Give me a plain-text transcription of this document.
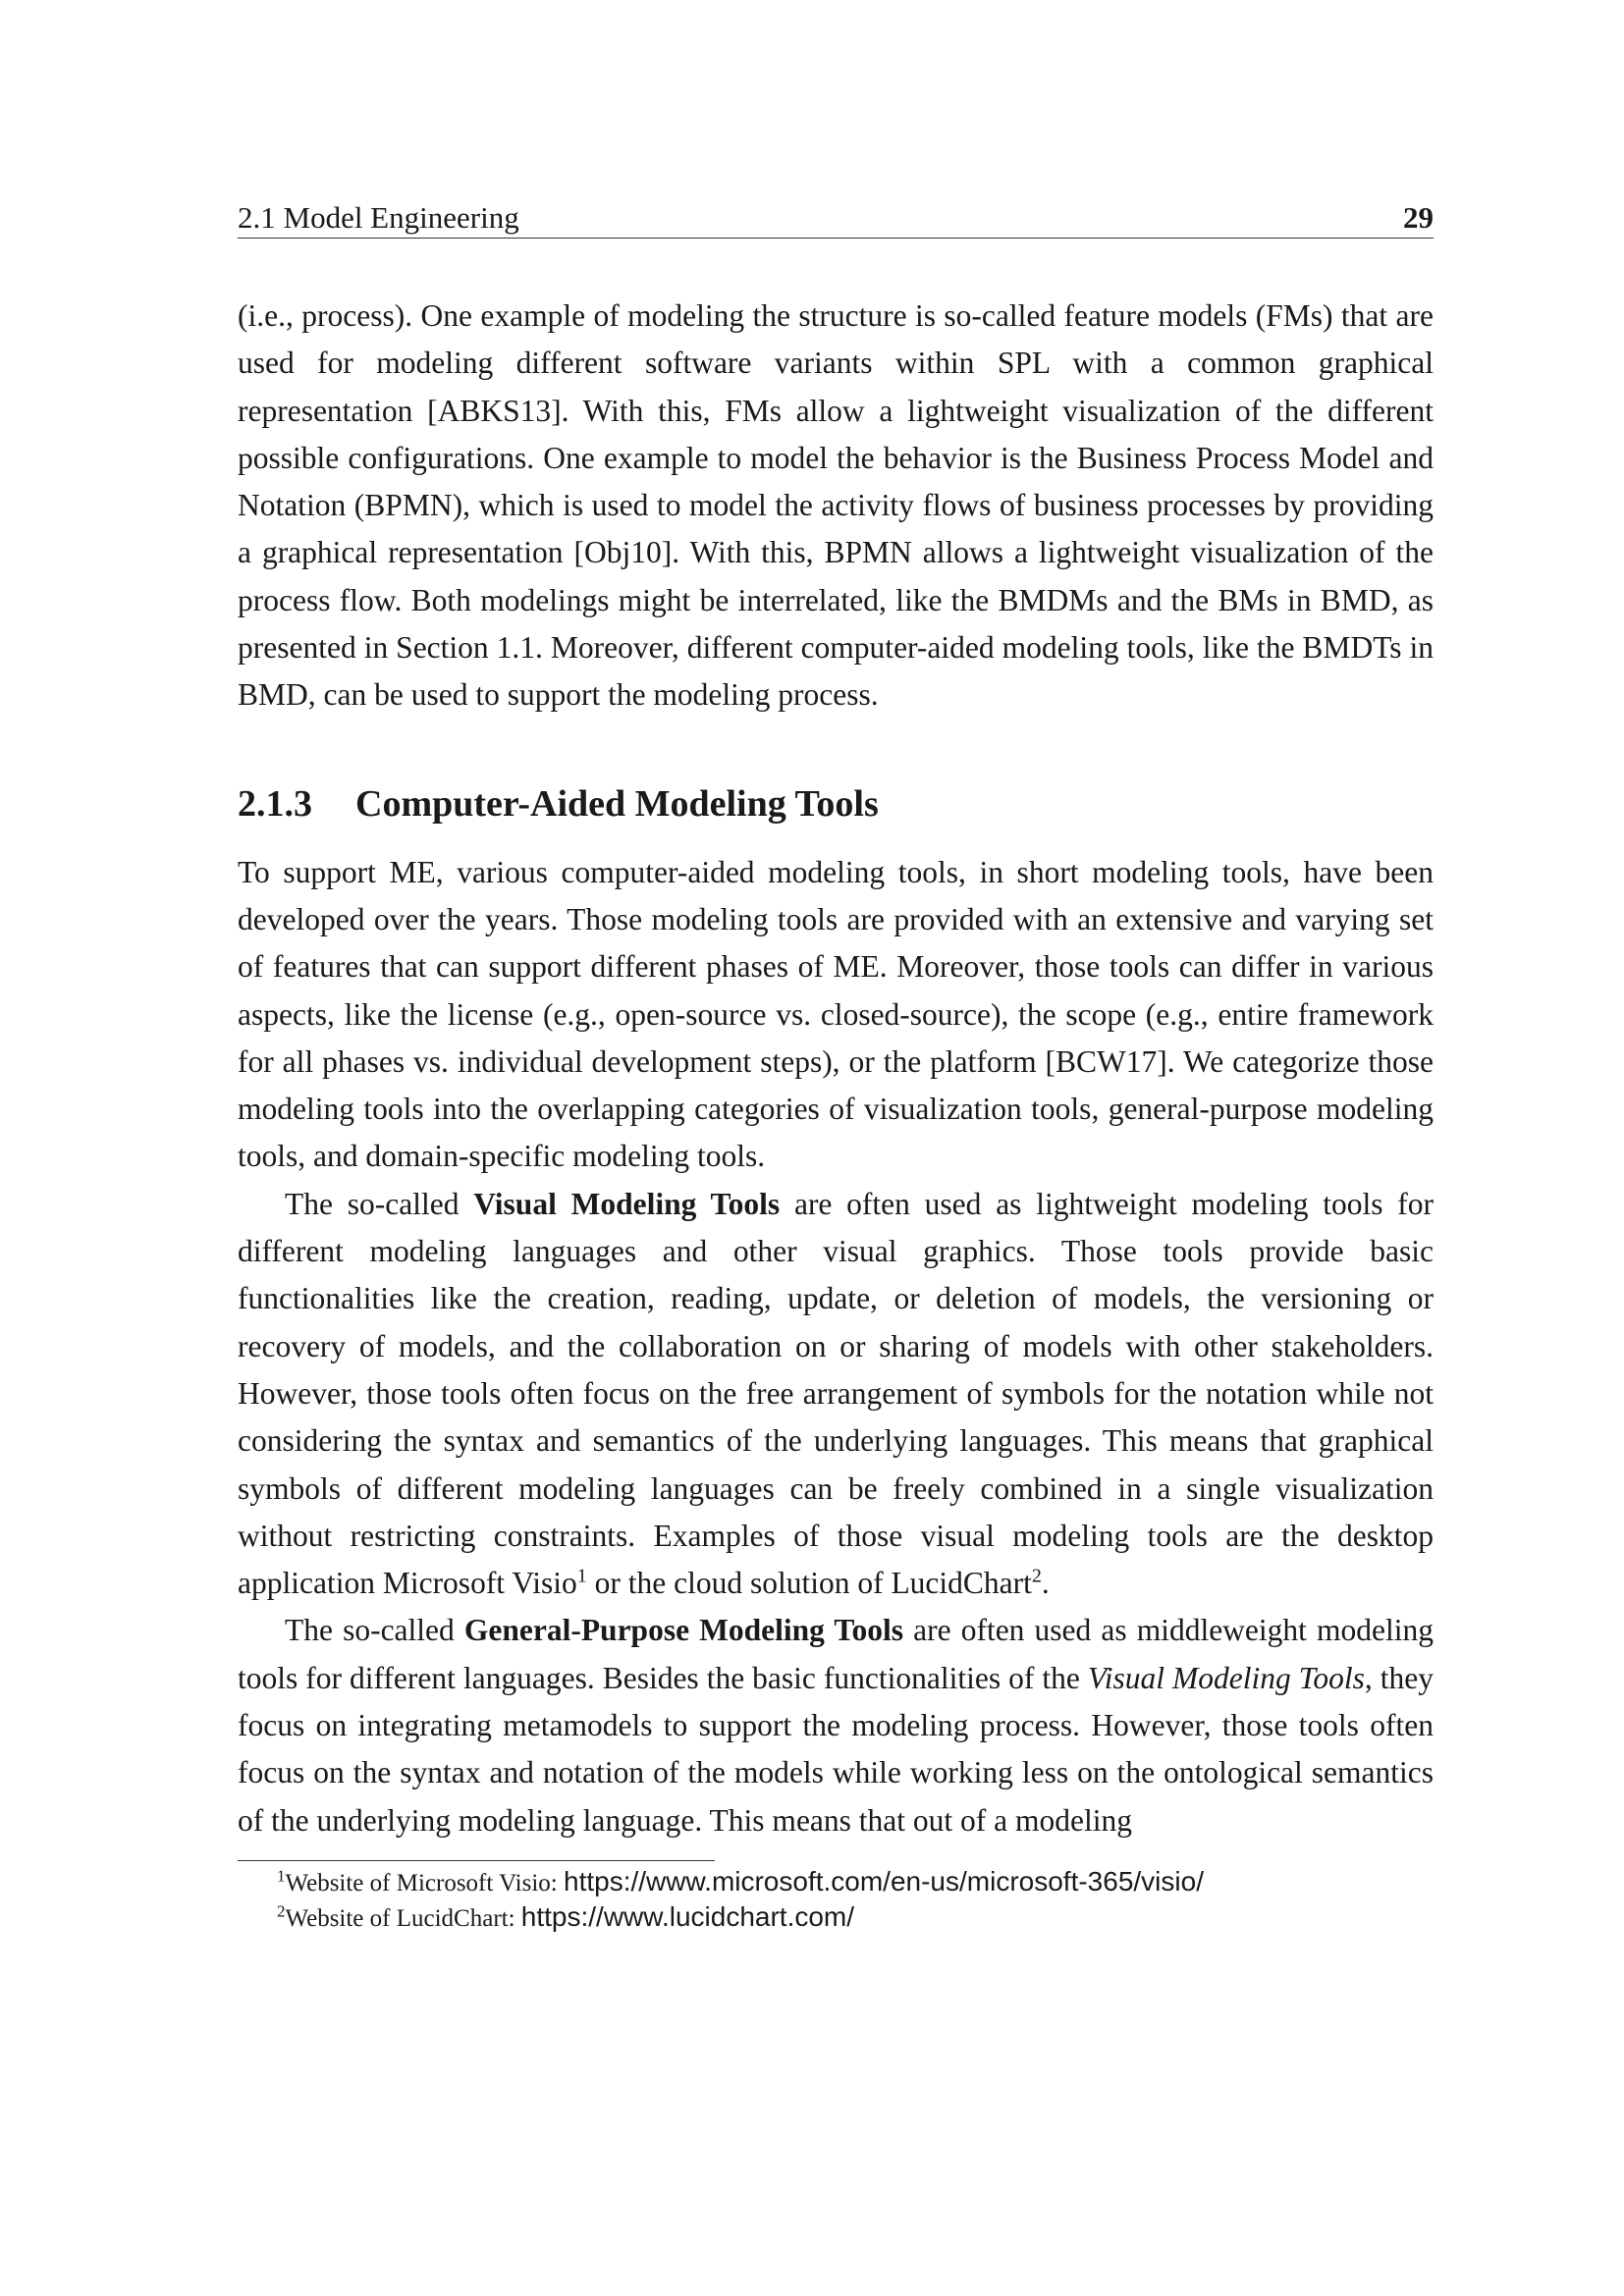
2.1 Model Engineering	29

(i.e., process). One example of modeling the structure is so-called feature models (FMs) that are used for modeling different software variants within SPL with a common graphical representation [ABKS13]. With this, FMs allow a lightweight visualization of the different possible configurations. One example to model the behavior is the Business Process Model and Notation (BPMN), which is used to model the activity flows of business processes by providing a graphical representation [Obj10]. With this, BPMN allows a lightweight visualization of the process flow. Both modelings might be interrelated, like the BMDMs and the BMs in BMD, as presented in Section 1.1. Moreover, different computer-aided modeling tools, like the BMDTs in BMD, can be used to support the modeling process.

2.1.3 Computer-Aided Modeling Tools

To support ME, various computer-aided modeling tools, in short modeling tools, have been developed over the years. Those modeling tools are provided with an extensive and varying set of features that can support different phases of ME. Moreover, those tools can differ in various aspects, like the license (e.g., open-source vs. closed-source), the scope (e.g., entire framework for all phases vs. individual development steps), or the platform [BCW17]. We categorize those modeling tools into the overlapping categories of visualization tools, general-purpose modeling tools, and domain-specific modeling tools.

The so-called Visual Modeling Tools are often used as lightweight modeling tools for different modeling languages and other visual graphics. Those tools provide basic functionalities like the creation, reading, update, or deletion of models, the versioning or recovery of models, and the collaboration on or sharing of models with other stakeholders. However, those tools often focus on the free arrangement of symbols for the notation while not considering the syntax and semantics of the underlying languages. This means that graphical symbols of different modeling languages can be freely combined in a single visualization without restricting constraints. Examples of those visual modeling tools are the desktop application Microsoft Visio$^1$ or the cloud solution of LucidChart$^2$.

The so-called General-Purpose Modeling Tools are often used as middleweight modeling tools for different languages. Besides the basic functionalities of the Visual Modeling Tools, they focus on integrating metamodels to support the modeling process. However, those tools often focus on the syntax and notation of the models while working less on the ontological semantics of the underlying modeling language. This means that out of a modeling

$^1$Website of Microsoft Visio: https://www.microsoft.com/en-us/microsoft-365/visio/
$^2$Website of LucidChart: https://www.lucidchart.com/
